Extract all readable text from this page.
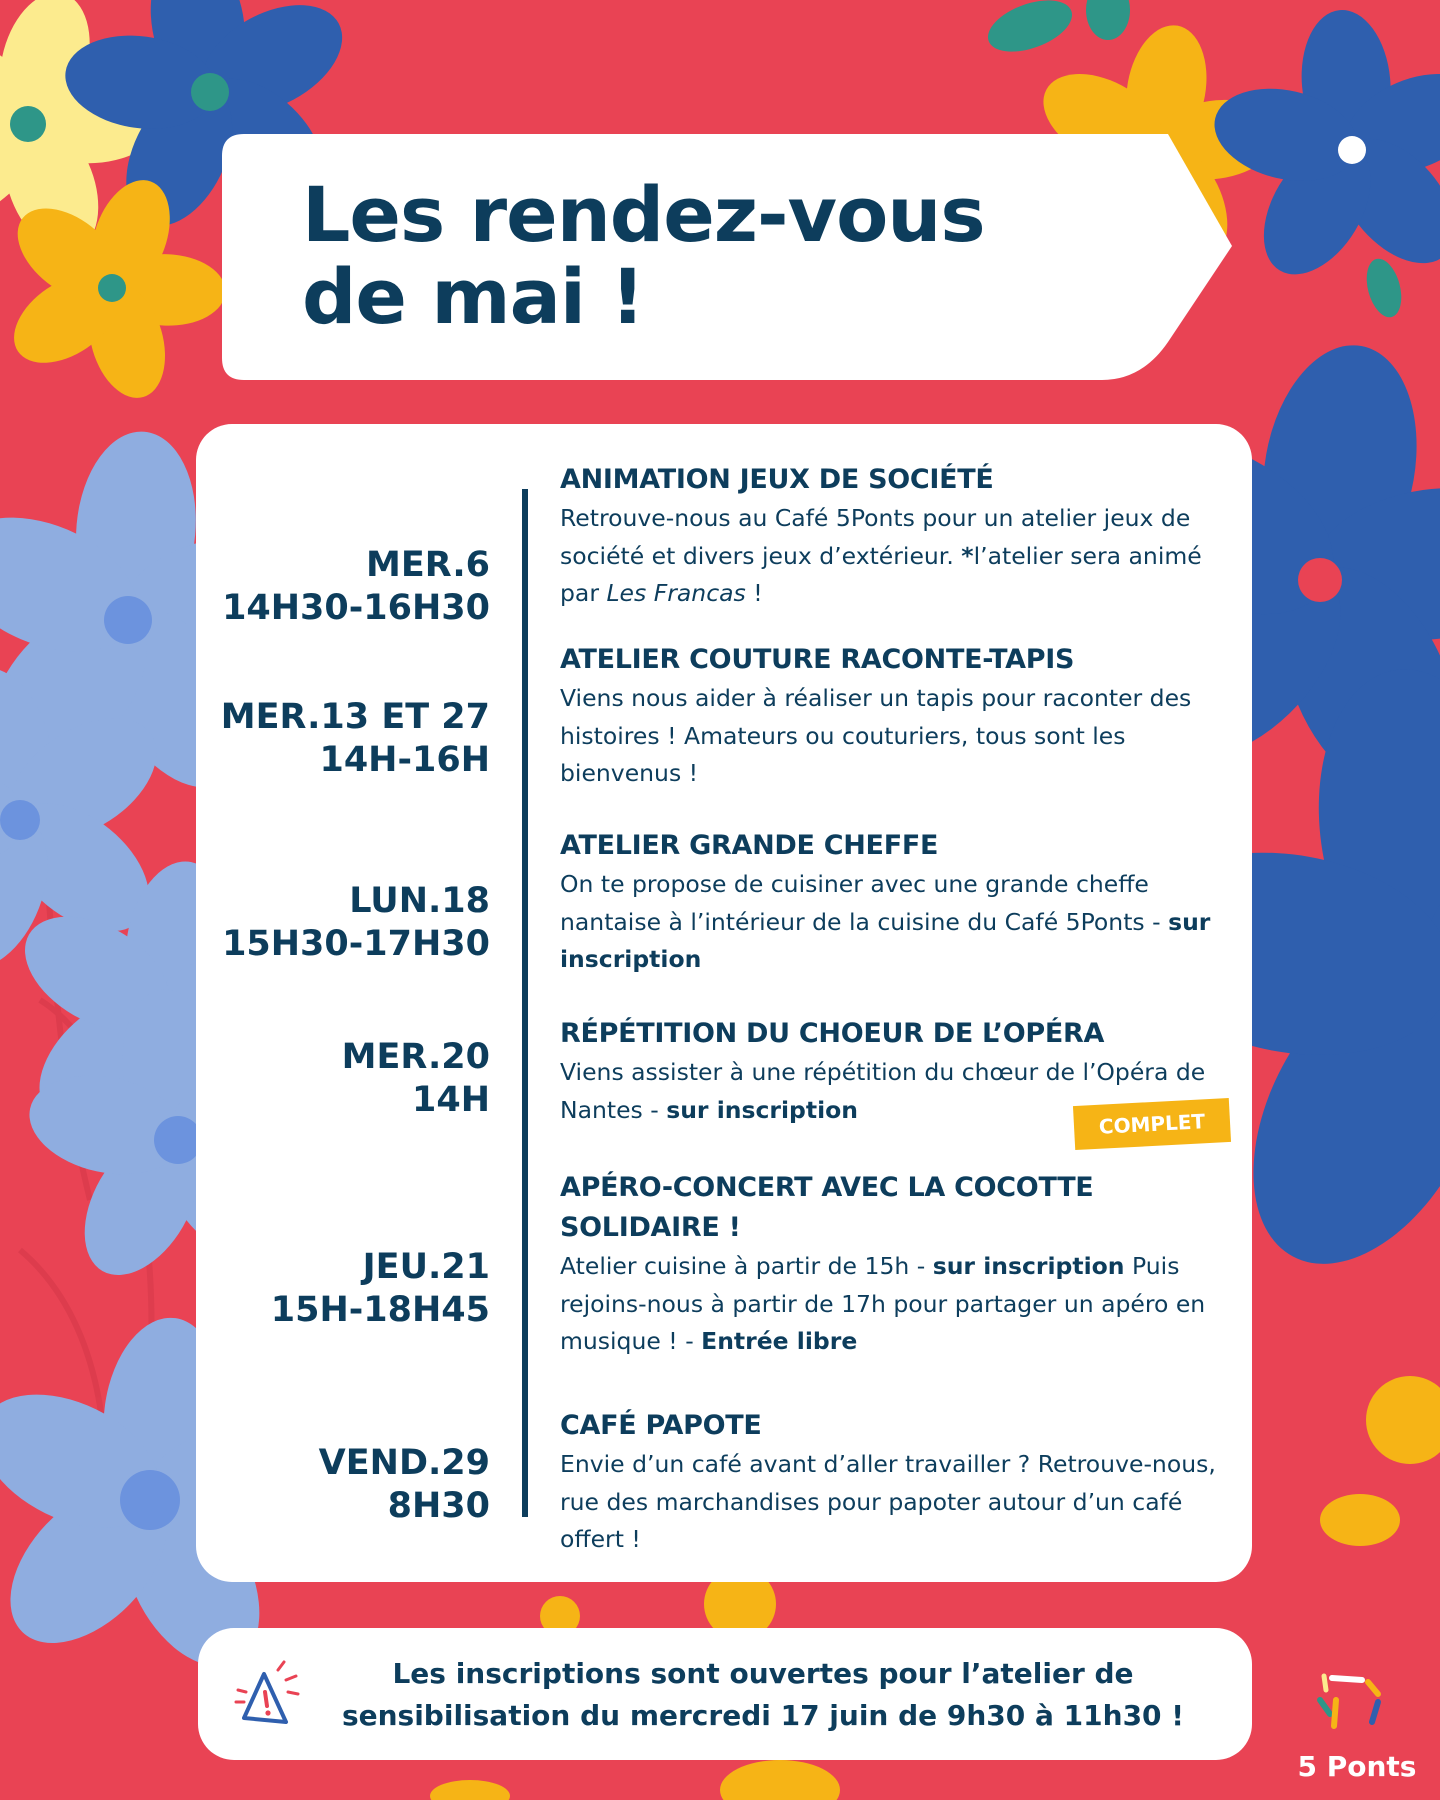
Les rendez-vous
de mai !
MER.6
14H30-16H30
ANIMATION JEUX DE SOCIÉTÉ
Retrouve-nous au Café 5Ponts pour un atelier jeux de société et divers jeux d’extérieur. *l’atelier sera animé par Les Francas !
MER.13 ET 27
14H-16H
ATELIER COUTURE RACONTE-TAPIS
Viens nous aider à réaliser un tapis pour raconter des histoires ! Amateurs ou couturiers, tous sont les bienvenus !
LUN.18
15H30-17H30
ATELIER GRANDE CHEFFE
On te propose de cuisiner avec une grande cheffe nantaise à l’intérieur de la cuisine du Café 5Ponts - sur inscription
MER.20
14H
RÉPÉTITION DU CHOEUR DE L’OPÉRA
Viens assister à une répétition du chœur de l’Opéra de Nantes - sur inscription
JEU.21
15H-18H45
APÉRO-CONCERT AVEC LA COCOTTE
SOLIDAIRE !
Atelier cuisine à partir de 15h - sur inscription Puis rejoins-nous à partir de 17h pour partager un apéro en musique ! - Entrée libre
VEND.29
8H30
CAFÉ PAPOTE
Envie d’un café avant d’aller travailler ? Retrouve-nous, rue des marchandises pour papoter autour d’un café offert !
COMPLET
Les inscriptions sont ouvertes pour l’atelier de
sensibilisation du mercredi 17 juin de 9h30 à 11h30 !
5 Ponts
